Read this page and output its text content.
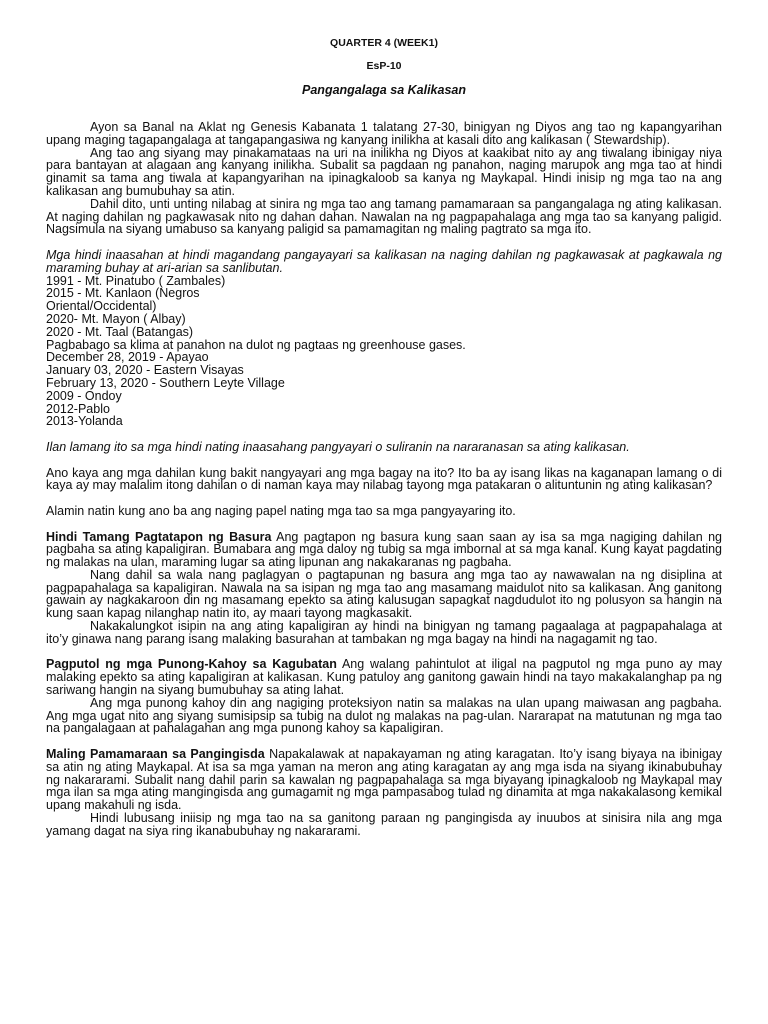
QUARTER 4 (WEEK1)
EsP-10
Pangangalaga sa Kalikasan

Ayon sa Banal na Aklat ng Genesis Kabanata 1 talatang 27-30, binigyan ng Diyos ang tao ng kapangyarihan upang maging tagapangalaga at tangapangasiwa ng kanyang inilikha at kasali dito ang kalikasan ( Stewardship).

Ang tao ang siyang may pinakamataas na uri na inilikha ng Diyos at kaakibat nito ay ang tiwalang ibinigay niya para bantayan at alagaan ang kanyang inilikha. Subalit sa pagdaan ng panahon, naging marupok ang mga tao at hindi ginamit sa tama ang tiwala at kapangyarihan na ipinagkaloob sa kanya ng Maykapal. Hindi inisip ng mga tao na ang kalikasan ang bumubuhay sa atin.

Dahil dito, unti unting nilabag at sinira ng mga tao ang tamang pamamaraan sa pangangalaga ng ating kalikasan. At naging dahilan ng pagkawasak nito ng dahan dahan. Nawalan na ng pagpapahalaga ang mga tao sa kanyang paligid. Nagsimula na siyang umabuso sa kanyang paligid sa pamamagitan ng maling pagtrato sa mga ito.

Mga hindi inaasahan at hindi magandang pangayayari sa kalikasan na naging dahilan ng pagkawasak at pagkawala ng maraming buhay at ari-arian sa sanlibutan.

1991 - Mt. Pinatubo ( Zambales)
2015 - Mt. Kanlaon (Negros
Oriental/Occidental)
2020- Mt. Mayon ( Albay)
2020 - Mt. Taal (Batangas)
Pagbabago sa klima at panahon na dulot ng pagtaas ng greenhouse gases.
December 28, 2019 - Apayao
January 03, 2020 - Eastern Visayas
February 13, 2020 - Southern Leyte Village
2009 - Ondoy
2012-Pablo
2013-Yolanda

Ilan lamang ito sa mga hindi nating inaasahang pangyayari o suliranin na nararanasan sa ating kalikasan.

Ano kaya ang mga dahilan kung bakit nangyayari ang mga bagay na ito? Ito ba ay isang likas na kaganapan lamang o di kaya ay may malalim itong dahilan o di naman kaya may nilabag tayong mga patakaran o alituntunin ng ating kalikasan?

Alamin natin kung ano ba ang naging papel nating mga tao sa mga pangyayaring ito.

Hindi Tamang Pagtatapon ng Basura Ang pagtapon ng basura kung saan saan ay isa sa mga nagiging dahilan ng pagbaha sa ating kapaligiran. Bumabara ang mga daloy ng tubig sa mga imbornal at sa mga kanal. Kung kayat pagdating ng malakas na ulan, maraming lugar sa ating lipunan ang nakakaranas ng pagbaha.

Nang dahil sa wala nang paglagyan o pagtapunan ng basura ang mga tao ay nawawalan na ng disiplina at pagpapahalaga sa kapaligiran. Nawala na sa isipan ng mga tao ang masamang maidulot nito sa kalikasan. Ang ganitong gawain ay nagkakaroon din ng masamang epekto sa ating kalusugan sapagkat nagdudulot ito ng polusyon sa hangin na kung saan kapag nilanghap natin ito, ay maari tayong magkasakit.

Nakakalungkot isipin na ang ating kapaligiran ay hindi na binigyan ng tamang pagaalaga at pagpapahalaga at ito’y ginawa nang parang isang malaking basurahan at tambakan ng mga bagay na hindi na nagagamit ng tao.

Pagputol ng mga Punong-Kahoy sa Kagubatan Ang walang pahintulot at iligal na pagputol ng mga puno ay may malaking epekto sa ating kapaligiran at kalikasan. Kung patuloy ang ganitong gawain hindi na tayo makakalanghap pa ng sariwang hangin na siyang bumubuhay sa ating lahat.

Ang mga punong kahoy din ang nagiging proteksiyon natin sa malakas na ulan upang maiwasan ang pagbaha. Ang mga ugat nito ang siyang sumisipsip sa tubig na dulot ng malakas na pag-ulan. Nararapat na matutunan ng mga tao na pangalagaan at pahalagahan ang mga punong kahoy sa kapaligiran.

Maling Pamamaraan sa Pangingisda Napakalawak at napakayaman ng ating karagatan. Ito’y isang biyaya na ibinigay sa atin ng ating Maykapal. At isa sa mga yaman na meron ang ating karagatan ay ang mga isda na siyang ikinabubuhay ng nakararami. Subalit nang dahil parin sa kawalan ng pagpapahalaga sa mga biyayang ipinagkaloob ng Maykapal may mga ilan sa mga ating mangingisda ang gumagamit ng mga pampasabog tulad ng dinamita at mga nakakalasong kemikal upang makahuli ng isda.

Hindi lubusang iniisip ng mga tao na sa ganitong paraan ng pangingisda ay inuubos at sinisira nila ang mga yamang dagat na siya ring ikanabubuhay ng nakararami.
